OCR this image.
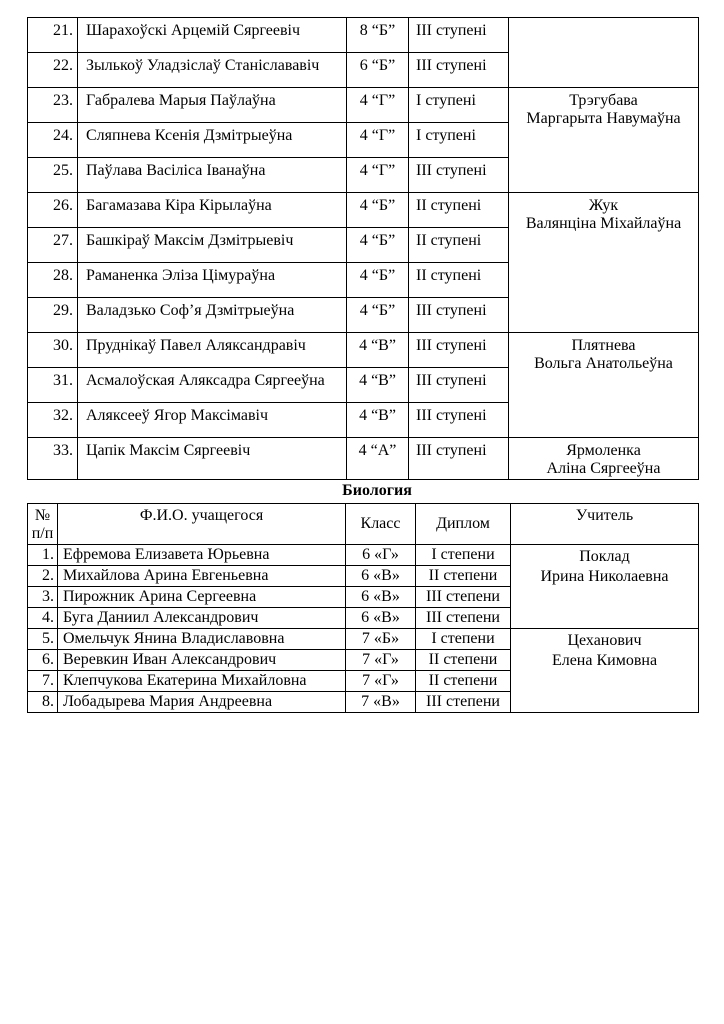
21.	Шарахоўскі Арцемій Сяргеевіч	8 “Б”	III ступені	

22.	Зылькоў Уладзіслаў Станіслававіч	6 “Б”	III ступені	
23.	Габралева Марыя Паўлаўна	4 “Г”	I ступені	Трэгубава
Маргарыта Навумаўна

24.	Сляпнева Ксенія Дзмітрыеўна	4 “Г”	I ступені	
25.	Паўлава Васіліса Іванаўна	4 “Г”	III ступені	
26.	Багамазава Кіра Кірылаўна	4 “Б”	II ступені	Жук
Валянціна Міхайлаўна

27.	Башкіраў Максім Дзмітрыевіч	4 “Б”	II ступені	
28.	Раманенка Эліза Цімураўна	4 “Б”	II ступені	
29.	Валадзько Соф’я Дзмітрыеўна	4 “Б”	III ступені	
30.	Пруднікаў Павел Аляксандравіч	4 “В”	III ступені	Плятнева
Вольга Анатольеўна

31.	Асмалоўская Аляксадра Сяргееўна	4 “В”	III ступені	
32.	Аляксееў Ягор Максімавіч	4 “В”	III ступені	
33.	Цапік Максім Сяргеевіч	4 “А”	III ступені	Ярмоленка
Аліна Сяргееўна
Биология
№
п/п	Ф.И.О. учащегося	Класс	Диплом	Учитель
1.	Ефремова Елизавета Юрьевна	6 «Г»	I степени	Поклад
Ирина Николаевна

2.	Михайлова Арина Евгеньевна	6 «В»	II степени	
3.	Пирожник Арина Сергеевна	6 «В»	III степени	
4.	Буга Даниил Александрович	6 «В»	III степени	
5.	Омельчук Янина Владиславовна	7 «Б»	I степени	Цеханович
Елена Кимовна

6.	Веревкин Иван Александрович	7 «Г»	II степени	
7.	Клепчукова Екатерина Михайловна	7 «Г»	II степени	
8.	Лобадырева Мария Андреевна	7 «В»	III степени	
